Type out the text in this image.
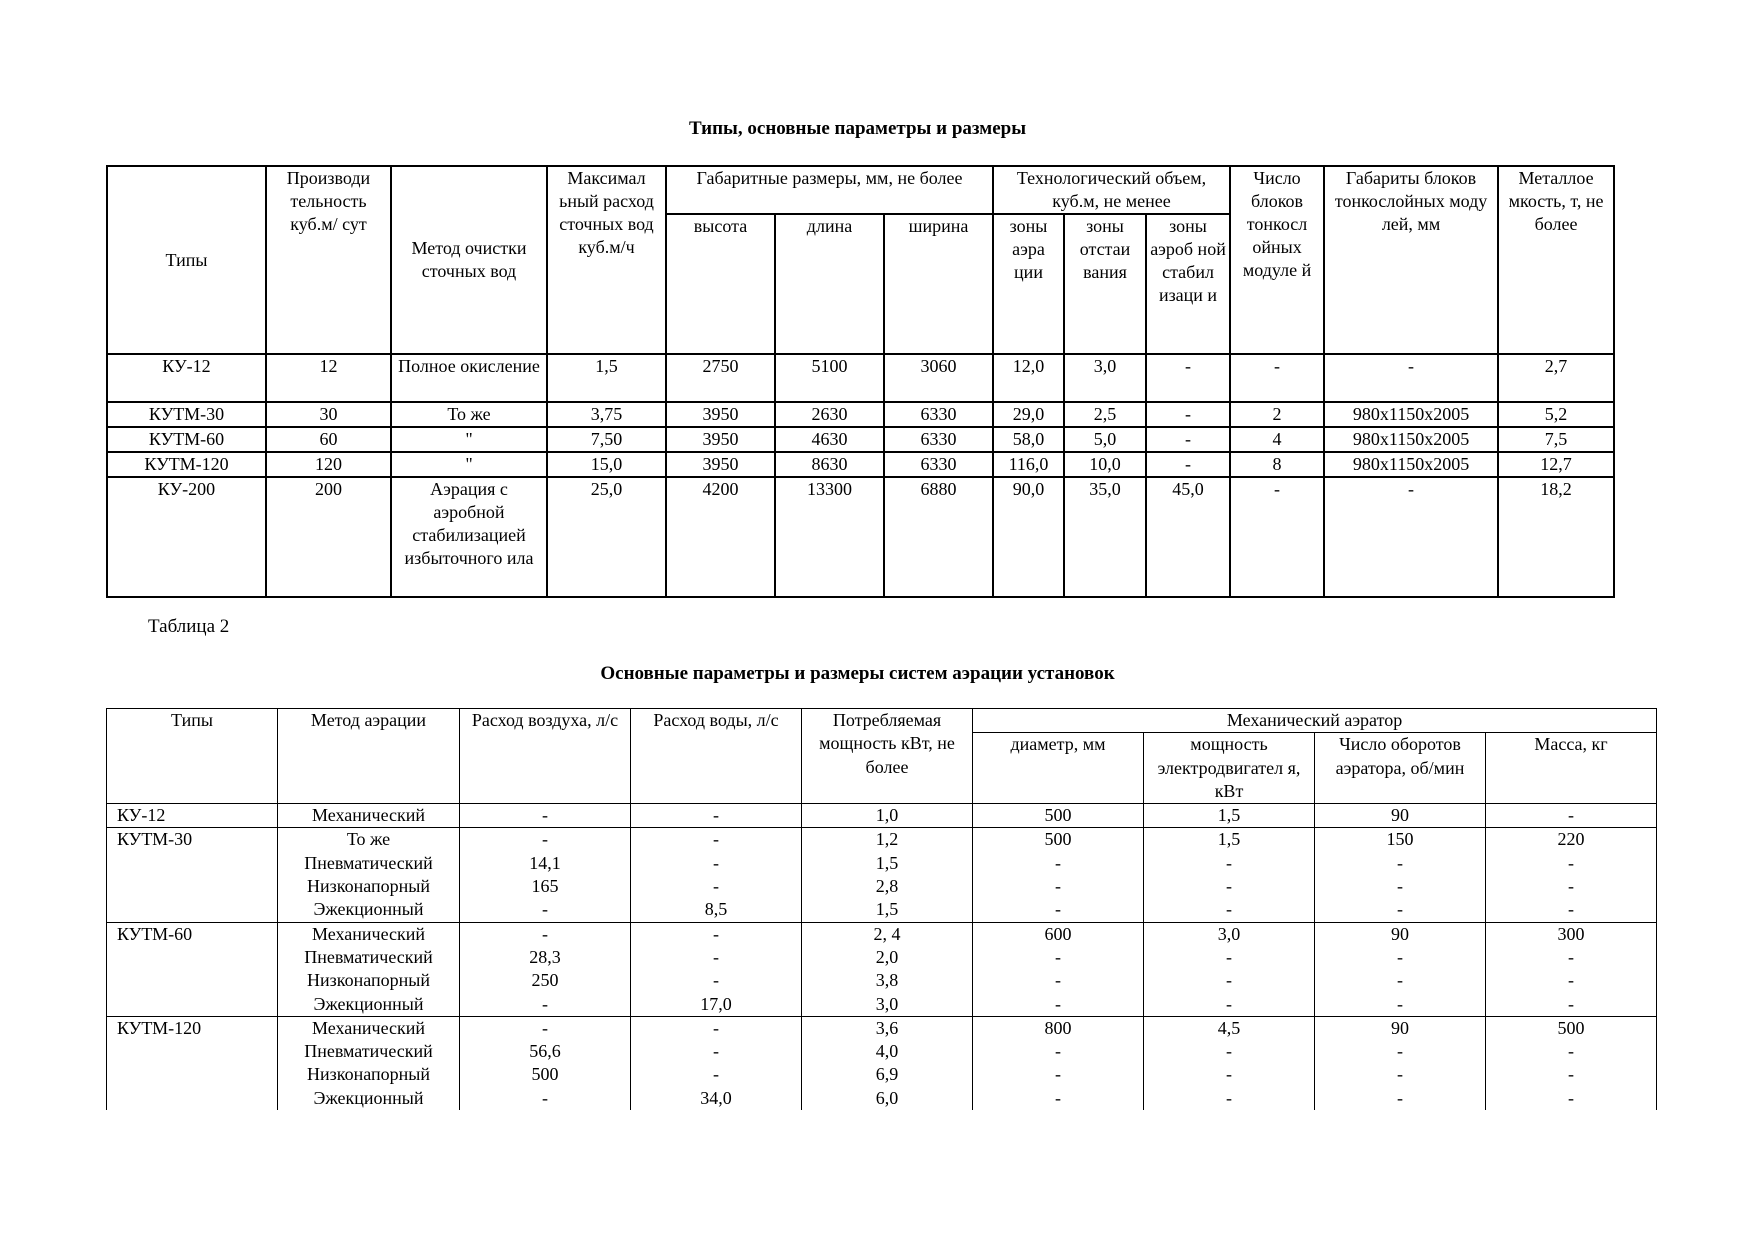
Типы, основные параметры и размеры
Типы	Производи тельность куб.м/ сут	Метод очистки сточных вод	Максимал ьный расход сточных вод куб.м/ч	Габаритные размеры, мм, не более			Технологический объем, куб.м, не менее			Число блоков тонкосл ойных модуле й	Габариты блоков тонкослойных моду лей, мм	Металлое мкость, т, не более
				высота	длина	ширина	зоны аэра ции	зоны отстаи вания	зоны аэроб ной стабил изаци и			
КУ-12	12	Полное окисление	1,5	2750	5100	3060	12,0	3,0	-	-	-	2,7
КУТМ-30	30	То же	3,75	3950	2630	6330	29,0	2,5	-	2	980х1150х2005	5,2
КУТМ-60	60	"	7,50	3950	4630	6330	58,0	5,0	-	4	980х1150х2005	7,5
КУТМ-120	120	"	15,0	3950	8630	6330	116,0	10,0	-	8	980х1150х2005	12,7
КУ-200	200	Аэрация с аэробной стабилизацией избыточного ила	25,0	4200	13300	6880	90,0	35,0	45,0	-	-	18,2
Таблица 2
Основные параметры и размеры систем аэрации установок
Типы	Метод аэрации	Расход воздуха, л/с	Расход воды, л/с	Потребляемая мощность кВт, не более	Механический аэратор			
					диаметр, мм	мощность электродвигател я, кВт	Число оборотов аэратора, об/мин	Масса, кг
КУ-12	Механический	-	-	1,0	500	1,5	90	-
КУТМ-30	То же	-	-	1,2	500	1,5	150	220
	Пневматический	14,1	-	1,5	-	-	-	-
	Низконапорный	165	-	2,8	-	-	-	-
	Эжекционный	-	8,5	1,5	-	-	-	-
КУТМ-60	Механический	-	-	2, 4	600	3,0	90	300
	Пневматический	28,3	-	2,0	-	-	-	-
	Низконапорный	250	-	3,8	-	-	-	-
	Эжекционный	-	17,0	3,0	-	-	-	-
КУТМ-120	Механический	-	-	3,6	800	4,5	90	500
	Пневматический	56,6	-	4,0	-	-	-	-
	Низконапорный	500	-	6,9	-	-	-	-
	Эжекционный	-	34,0	6,0	-	-	-	-
